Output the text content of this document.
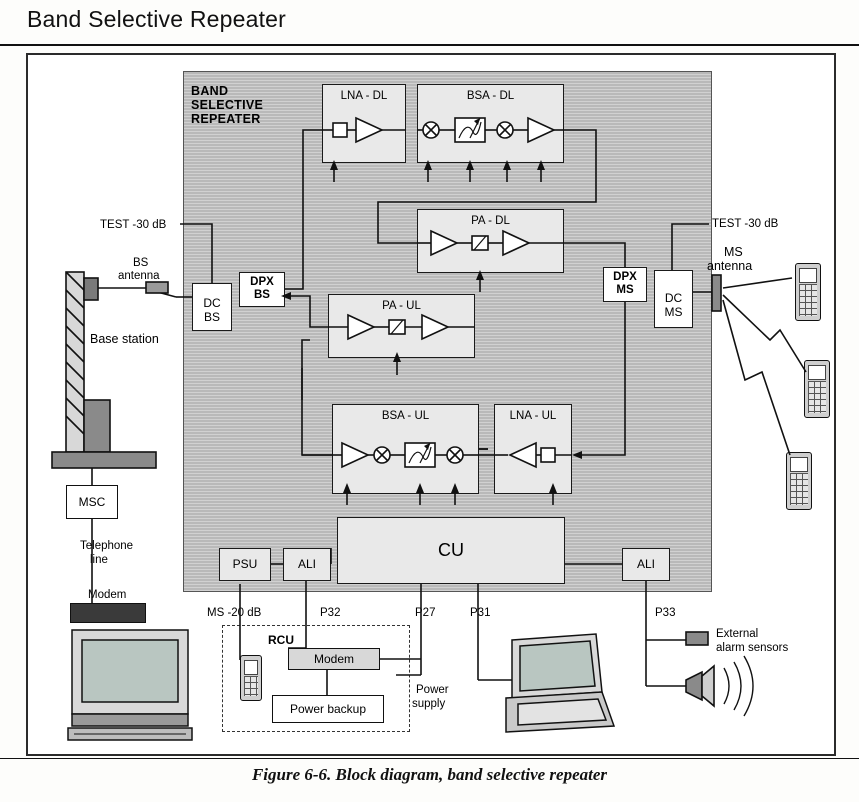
Band Selective Repeater
Figure 6-6. Block diagram, band selective repeater
BAND
SELECTIVE
REPEATER
LNA - DL	BSA - DL
PA - DL
PA - UL
BSA - UL	LNA - UL
CU
PSU	ALI	ALI
DPX
BS
DPX
MS
DC
BS
DC
MS
MSC
Modem
RCU
Modem
Power backup
TEST -30 dB	TEST -30 dB
BS
antenna
MS
antenna
Base station
Telephone
line
MS -20 dB	P32	P27	P31	P33
Power
supply
External
alarm sensors
